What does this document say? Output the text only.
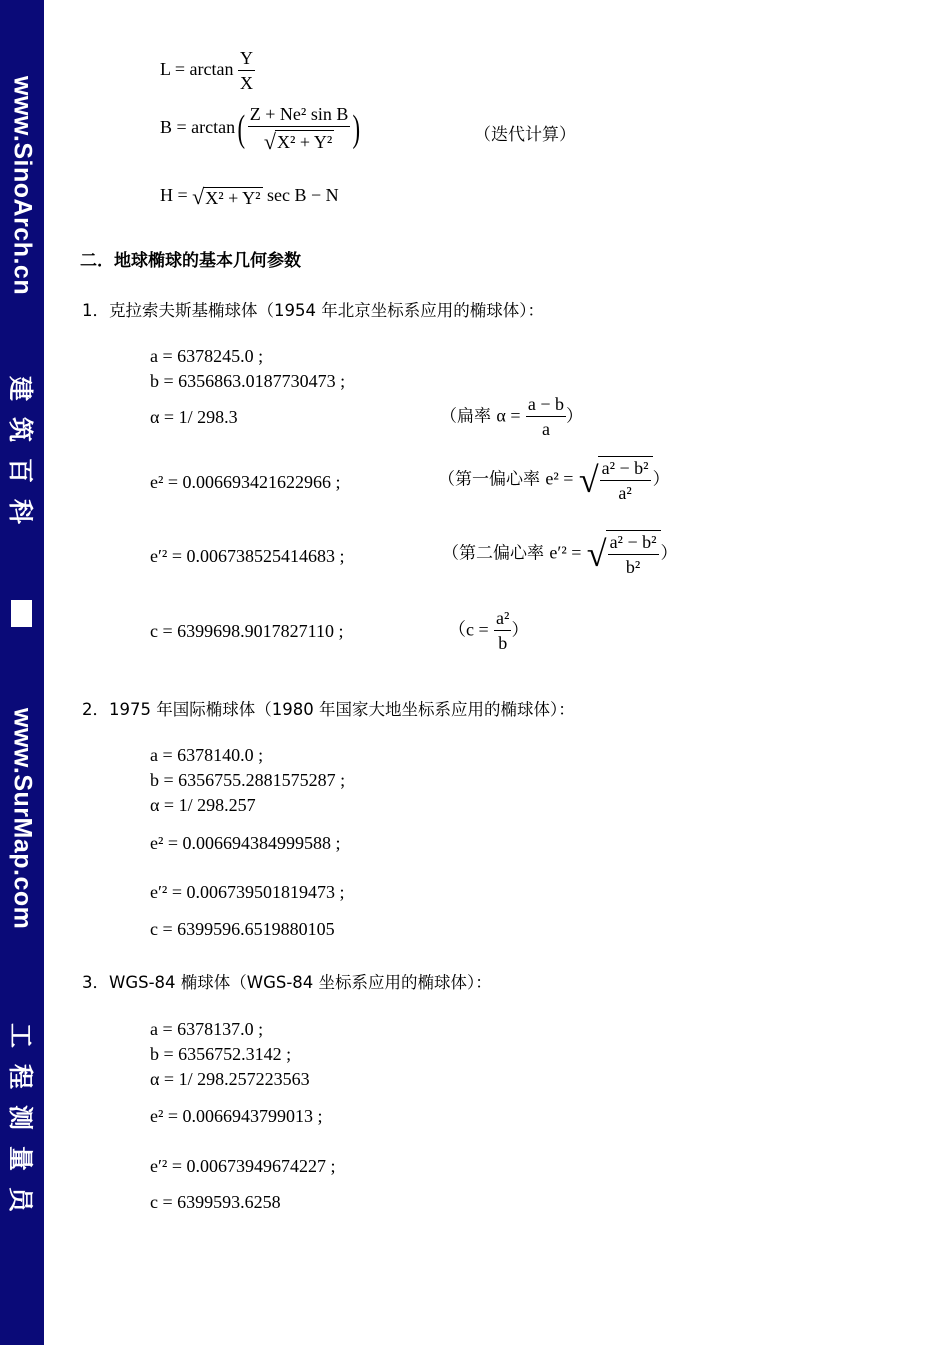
www.SinoArch.cn
建筑百科
www.SurMap.com
工程测量员
$L = \arctan \frac{Y}{X}$
$B = \arctan( \frac{\text{Z + Ne² sin B}}{\text{√X² + Y²}}$ )	（迭代计算）
H = √X² + Y² sec B − N
二．地球椭球的基本几何参数
1．克拉索夫斯基椭球体（1954 年北京坐标系应用的椭球体）：
a = 6378245.0 ;
b = 6356863.0187730473 ;
α = 1/ 298.3
e² = 0.006693421622966 ;
e′² = 0.006738525414683 ;
c = 6399698.9017827110 ;
（扁率 $\alpha = \frac{a - b}{a}$ ）
（第一偏心率 e² = √ $\frac{\text{a² − b²}}{\text{a²}}$ ）
（第二偏心率 e′² = √ $\frac{\text{a² − b²}}{\text{b²}}$ ）
（$c = \frac{\text{a²}}{b}$ ）
2．1975 年国际椭球体（1980 年国家大地坐标系应用的椭球体）：
a = 6378140.0 ;
b = 6356755.2881575287 ;
α = 1/ 298.257
e² = 0.006694384999588 ;
e′² = 0.006739501819473 ;
c = 6399596.6519880105
3．WGS-84 椭球体（WGS-84 坐标系应用的椭球体）：
a = 6378137.0 ;
b = 6356752.3142 ;
α = 1/ 298.257223563
e² = 0.0066943799013 ;
e′² = 0.00673949674227 ;
c = 6399593.6258
